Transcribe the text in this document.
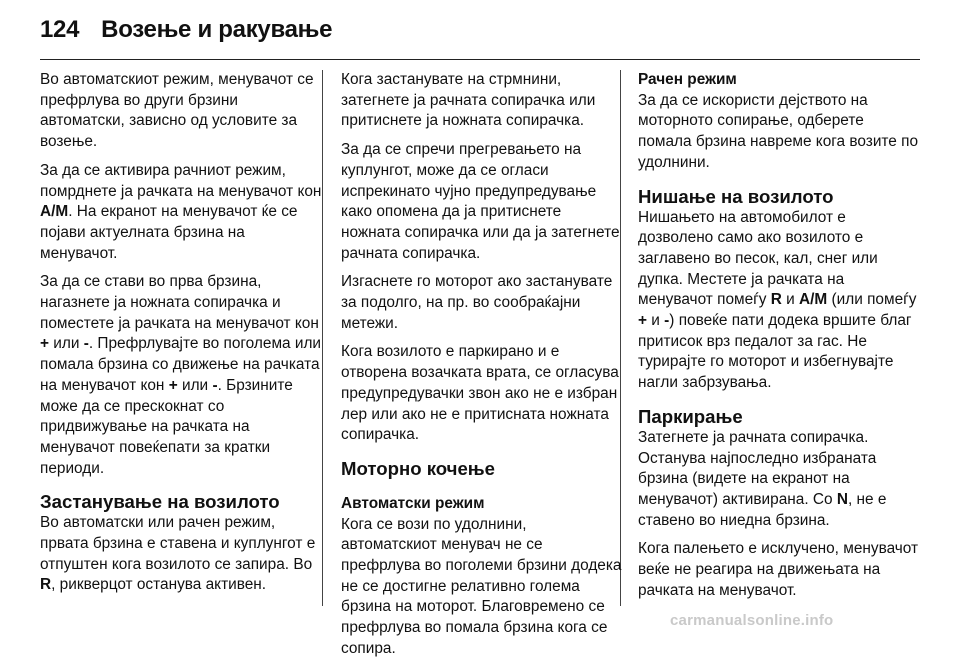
124 Возење и ракување

Во автоматскиот режим, менувачот се префрлува во други брзини автоматски, зависно од условите за возење.

За да се активира рачниот режим, помрднете ја рачката на менувачот кон A/M. На екранот на менувачот ќе се појави актуелната брзина на менувачот.

За да се стави во прва брзина, нагазнете ја ножната сопирачка и поместете ја рачката на менувачот кон + или -. Префрлувајте во поголема или помала брзина со движење на рачката на менувачот кон + или -. Брзините може да се прескокнат со придвижување на рачката на менувачот повеќепати за кратки периоди.

Застанување на возилото

Во автоматски или рачен режим, првата брзина е ставена и куплунгот е отпуштен кога возилото се запира. Во R, рикверцот останува активен.

Кога застанувате на стрмнини, затегнете ја рачната сопирачка или притиснете ја ножната сопирачка.

За да се спречи прегревањето на куплунгот, може да се огласи испрекинато чујно предупредување како опомена да ја притиснете ножната сопирачка или да ја затегнете рачната сопирачка.

Изгаснете го моторот ако застанувате за подолго, на пр. во сообраќајни метежи.

Кога возилото е паркирано и е отворена возачката врата, се огласува предупредувачки звон ако не е избран лер или ако не е притисната ножната сопирачка.

Моторно кочење
Автоматски режим

Кога се вози по удолнини, автоматскиот менувач не се префрлува во поголеми брзини додека не се достигне релативно голема брзина на моторот. Благовремено се префрлува во помала брзина кога се сопира.

Рачен режим

За да се искористи дејството на моторното сопирање, одберете помала брзина навреме кога возите по удолнини.

Нишање на возилото

Нишањето на автомобилот е дозволено само ако возилото е заглавено во песок, кал, снег или дупка. Местете ја рачката на менувачот помеѓу R и A/M (или помеѓу + и -) повеќе пати додека вршите благ притисок врз педалот за гас. Не турирајте го моторот и избегнувајте нагли забрзувања.

Паркирање

Затегнете ја рачната сопирачка. Останува најпоследно избраната брзина (видете на екранот на менувачот) активирана. Со N, не е ставено во ниедна брзина.

Кога палењето е исклучено, менувачот веќе не реагира на движењата на рачката на менувачот.

carmanualsonline.info
